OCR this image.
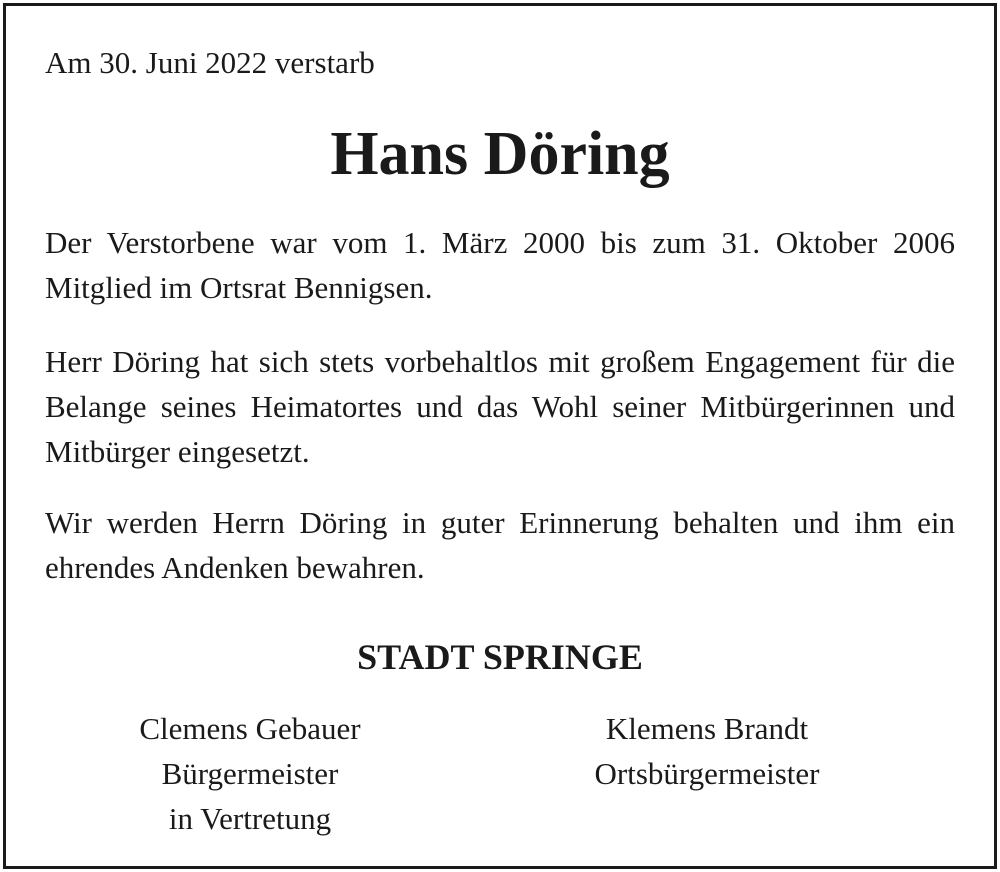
Am 30. Juni 2022 verstarb
Hans Döring
Der Verstorbene war vom 1. März 2000 bis zum 31. Oktober 2006 Mitglied im Ortsrat Bennigsen.
Herr Döring hat sich stets vorbehaltlos mit großem Engagement für die Belange seines Heimatortes und das Wohl seiner Mitbürgerinnen und Mitbürger eingesetzt.
Wir werden Herrn Döring in guter Erinnerung behalten und ihm ein ehrendes Andenken bewahren.
STADT SPRINGE
Clemens Gebauer
Bürgermeister
in Vertretung
Klemens Brandt
Ortsbürgermeister
